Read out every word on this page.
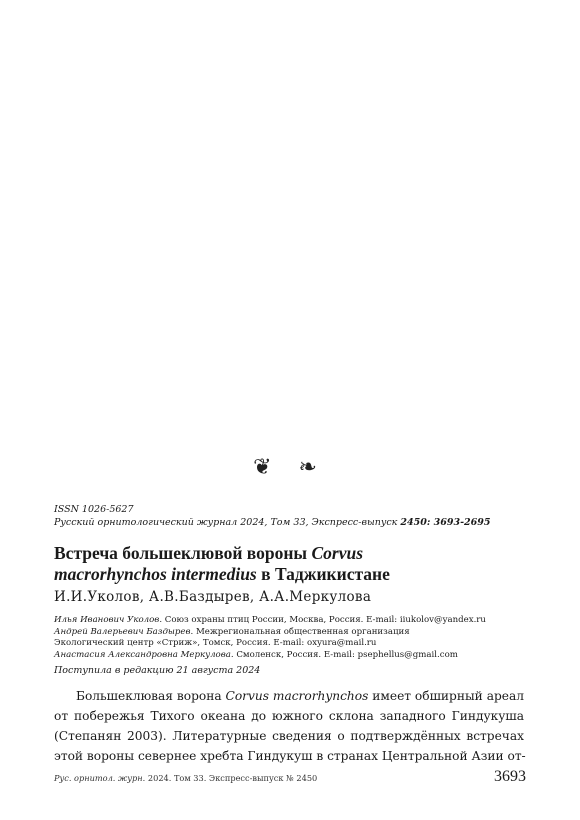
❦ ❧
ISSN 1026-5627
Русский орнитологический журнал 2024, Том 33, Экспресс-выпуск 2450: 3693-2695
Встреча большеклювой вороны Corvus
macrorhynchos intermedius в Таджикистане
И.И.Уколов, А.В.Баздырев, А.А.Меркулова
Илья Иванович Уколов. Союз охраны птиц России, Москва, Россия. E-mail: iiukolov@yandex.ru
Андрей Валерьевич Баздырев. Межрегиональная общественная организация
Экологический центр «Стриж», Томск, Россия. E-mail: oxyura@mail.ru
Анастасия Александровна Меркулова. Смоленск, Россия. E-mail: psephellus@gmail.com
Поступила в редакцию 21 августа 2024
Большеклювая ворона Corvus macrorhynchos имеет обширный ареал
от побережья Тихого океана до южного склона западного Гиндукуша
(Степанян 2003). Литературные сведения о подтверждённых встречах
этой вороны севернее хребта Гиндукуш в странах Центральной Азии от-
Рус. орнитол. журн. 2024. Том 33. Экспресс-выпуск № 2450	3693
